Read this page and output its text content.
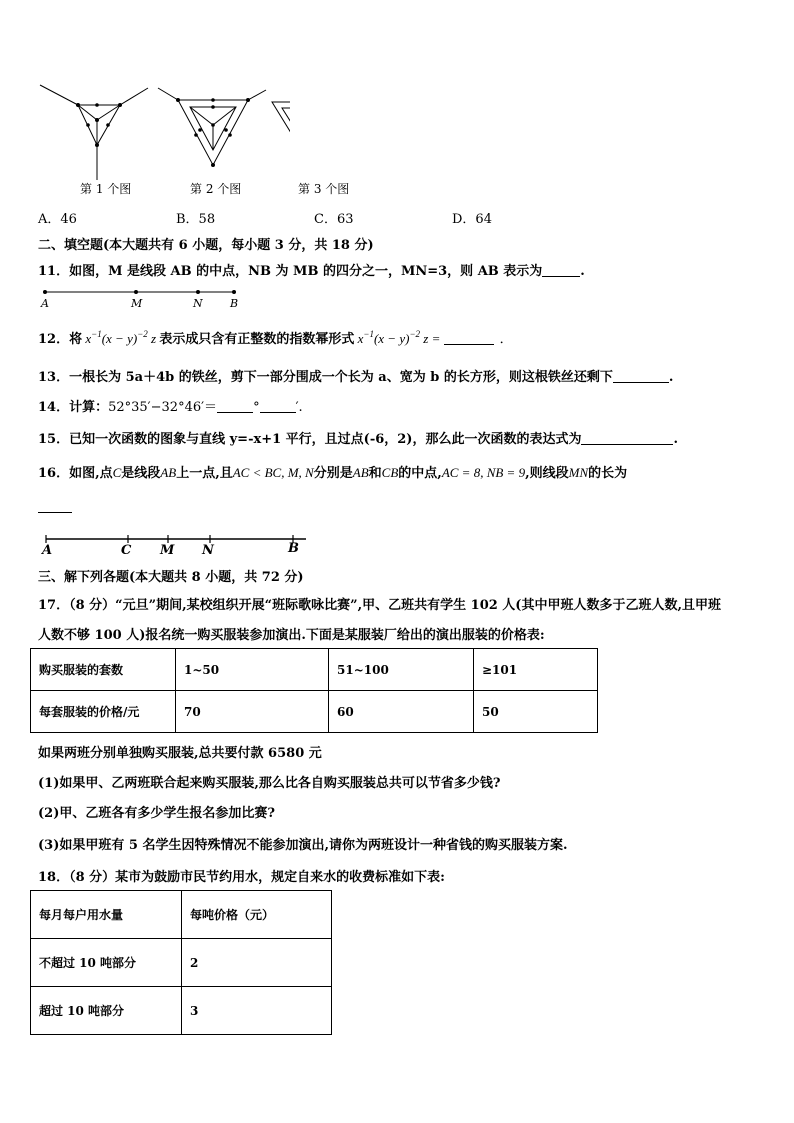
第 1 个图	第 2 个图	第 3 个图
A．46	B．58	C．63	D．64
二、填空题(本大题共有 6 小题，每小题 3 分，共 18 分)
11．如图，M 是线段 AB 的中点，NB 为 MB 的四分之一，MN=3，则 AB 表示为	.
A	M	N B
12．将 $x^{-1}(x - y)^{-2}$ z 表示成只含有正整数的指数幂形式 $x^{-1}(x - y)^{-2}$ z =	．
13．一根长为 5a＋4b 的铁丝，剪下一部分围成一个长为 a、宽为 b 的长方形，则这根铁丝还剩下	.
14．计算：52°35′−32°46′＝	°	′.
15．已知一次函数的图象与直线 y=-x+1 平行，且过点(-6，2)，那么此一次函数的表达式为	.
16．如图,点C是线段AB上一点,且AC < BC, M, N分别是AB和CB的中点,AC = 8, NB = 9,则线段MN的长为
A	C M N	B
三、解下列各题(本大题共 8 小题，共 72 分)
17．（8 分）“元旦”期间,某校组织开展“班际歌咏比赛”,甲、乙班共有学生 102 人(其中甲班人数多于乙班人数,且甲班
人数不够 100 人)报名统一购买服装参加演出.下面是某服装厂给出的演出服装的价格表:
购买服装的套数	1~50	51~100	≥101
每套服装的价格/元	70	60	50
如果两班分别单独购买服装,总共要付款 6580 元
(1)如果甲、乙两班联合起来购买服装,那么比各自购买服装总共可以节省多少钱?
(2)甲、乙班各有多少学生报名参加比赛?
(3)如果甲班有 5 名学生因特殊情况不能参加演出,请你为两班设计一种省钱的购买服装方案.
18．（8 分）某市为鼓励市民节约用水，规定自来水的收费标准如下表:
每月每户用水量	每吨价格（元）
不超过 10 吨部分	2
超过 10 吨部分	3
